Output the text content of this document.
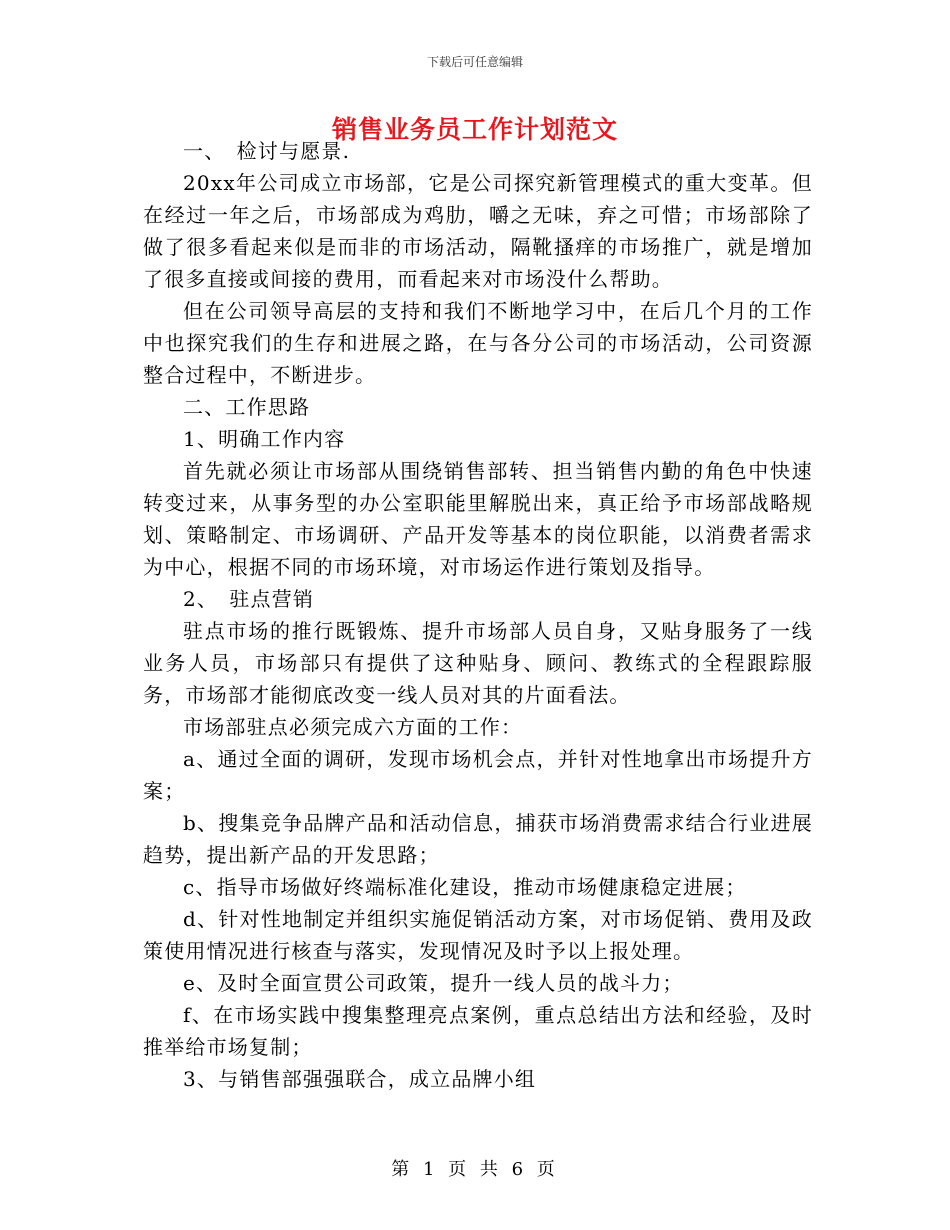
下载后可任意编辑
销售业务员工作计划范文

一、　检讨与愿景.

20xx年公司成立市场部，它是公司探究新管理模式的重大变革。但在经过一年之后，市场部成为鸡肋，嚼之无味，弃之可惜；市场部除了做了很多看起来似是而非的市场活动，隔靴搔痒的市场推广，就是增加了很多直接或间接的费用，而看起来对市场没什么帮助。

但在公司领导高层的支持和我们不断地学习中，在后几个月的工作中也探究我们的生存和进展之路，在与各分公司的市场活动，公司资源整合过程中，不断进步。

二、工作思路

1、明确工作内容

首先就必须让市场部从围绕销售部转、担当销售内勤的角色中快速转变过来，从事务型的办公室职能里解脱出来，真正给予市场部战略规划、策略制定、市场调研、产品开发等基本的岗位职能，以消费者需求为中心，根据不同的市场环境，对市场运作进行策划及指导。

2、　驻点营销

驻点市场的推行既锻炼、提升市场部人员自身，又贴身服务了一线业务人员，市场部只有提供了这种贴身、顾问、教练式的全程跟踪服务，市场部才能彻底改变一线人员对其的片面看法。

市场部驻点必须完成六方面的工作：

a、通过全面的调研，发现市场机会点，并针对性地拿出市场提升方案；

b、搜集竞争品牌产品和活动信息，捕获市场消费需求结合行业进展趋势，提出新产品的开发思路；

c、指导市场做好终端标准化建设，推动市场健康稳定进展；

d、针对性地制定并组织实施促销活动方案，对市场促销、费用及政策使用情况进行核查与落实，发现情况及时予以上报处理。

e、及时全面宣贯公司政策，提升一线人员的战斗力；

f、在市场实践中搜集整理亮点案例，重点总结出方法和经验，及时推举给市场复制；

3、与销售部强强联合，成立品牌小组

第 1 页 共 6 页
